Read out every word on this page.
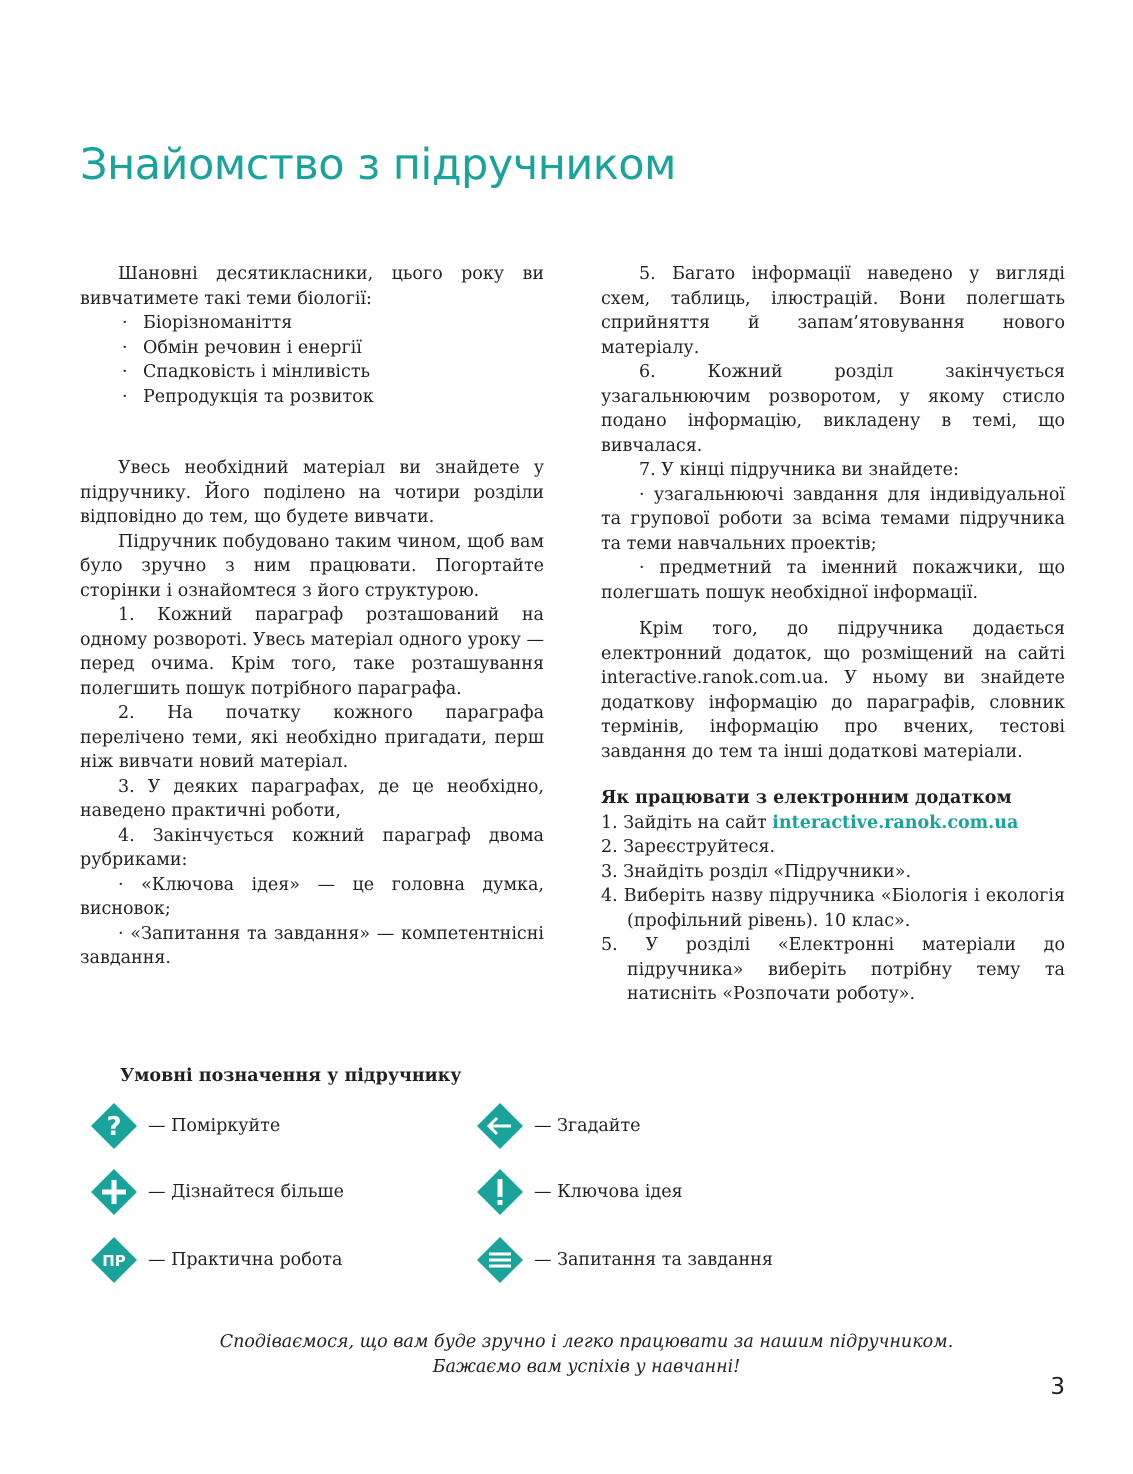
Знайомство з підручником

Шановні десятикласники, цього року ви вивчатимете такі теми біології:

· Біорізноманіття
· Обмін речовин і енергії
· Спадковість і мінливість
· Репродукція та розвиток

Увесь необхідний матеріал ви знайдете у підручнику. Його поділено на чотири розділи відповідно до тем, що будете вивчати.

Підручник побудовано таким чином, щоб вам було зручно з ним працювати. Погортайте сторінки і ознайомтеся з його структурою.

1. Кожний параграф розташований на одному розвороті. Увесь матеріал одного уроку — перед очима. Крім того, таке розташування полегшить пошук потрібного параграфа.

2. На початку кожного параграфа перелічено теми, які необхідно пригадати, перш ніж вивчати новий матеріал.

3. У деяких параграфах, де це необхідно, наведено практичні роботи,

4. Закінчується кожний параграф двома рубриками:

· «Ключова ідея» — це головна думка, висновок;

· «Запитання та завдання» — компетентнісні завдання.

5. Багато інформації наведено у вигляді схем, таблиць, ілюстрацій. Вони полегшать сприйняття й запам’ятовування нового матеріалу.

6. Кожний розділ закінчується узагальнюючим розворотом, у якому стисло подано інформацію, викладену в темі, що вивчалася.

7. У кінці підручника ви знайдете:

· узагальнюючі завдання для індивідуальної та групової роботи за всіма темами підручника та теми навчальних проектів;

· предметний та іменний покажчики, що полегшать пошук необхідної інформації.

Крім того, до підручника додається електронний додаток, що розміщений на сайті interactive.ranok.com.ua. У ньому ви знайдете додаткову інформацію до параграфів, словник термінів, інформацію про вчених, тестові завдання до тем та інші додаткові матеріали.

Як працювати з електронним додатком

1. Зайдіть на сайт interactive.ranok.com.ua
2. Зареєструйтеся.
3. Знайдіть розділ «Підручники».
4. Виберіть назву підручника «Біологія і екологія (профільний рівень). 10 клас».
5. У розділі «Електронні матеріали до підручника» виберіть потрібну тему та натисніть «Розпочати роботу».

Умовні позначення у підручнику

? — Поміркуйте	— Згадайте
— Дізнайтеся більше	— Ключова ідея
ПР — Практична робота	— Запитання та завдання
Сподіваємося, що вам буде зручно і легко працювати за нашим підручником.
Бажаємо вам успіхів у навчанні!
3
